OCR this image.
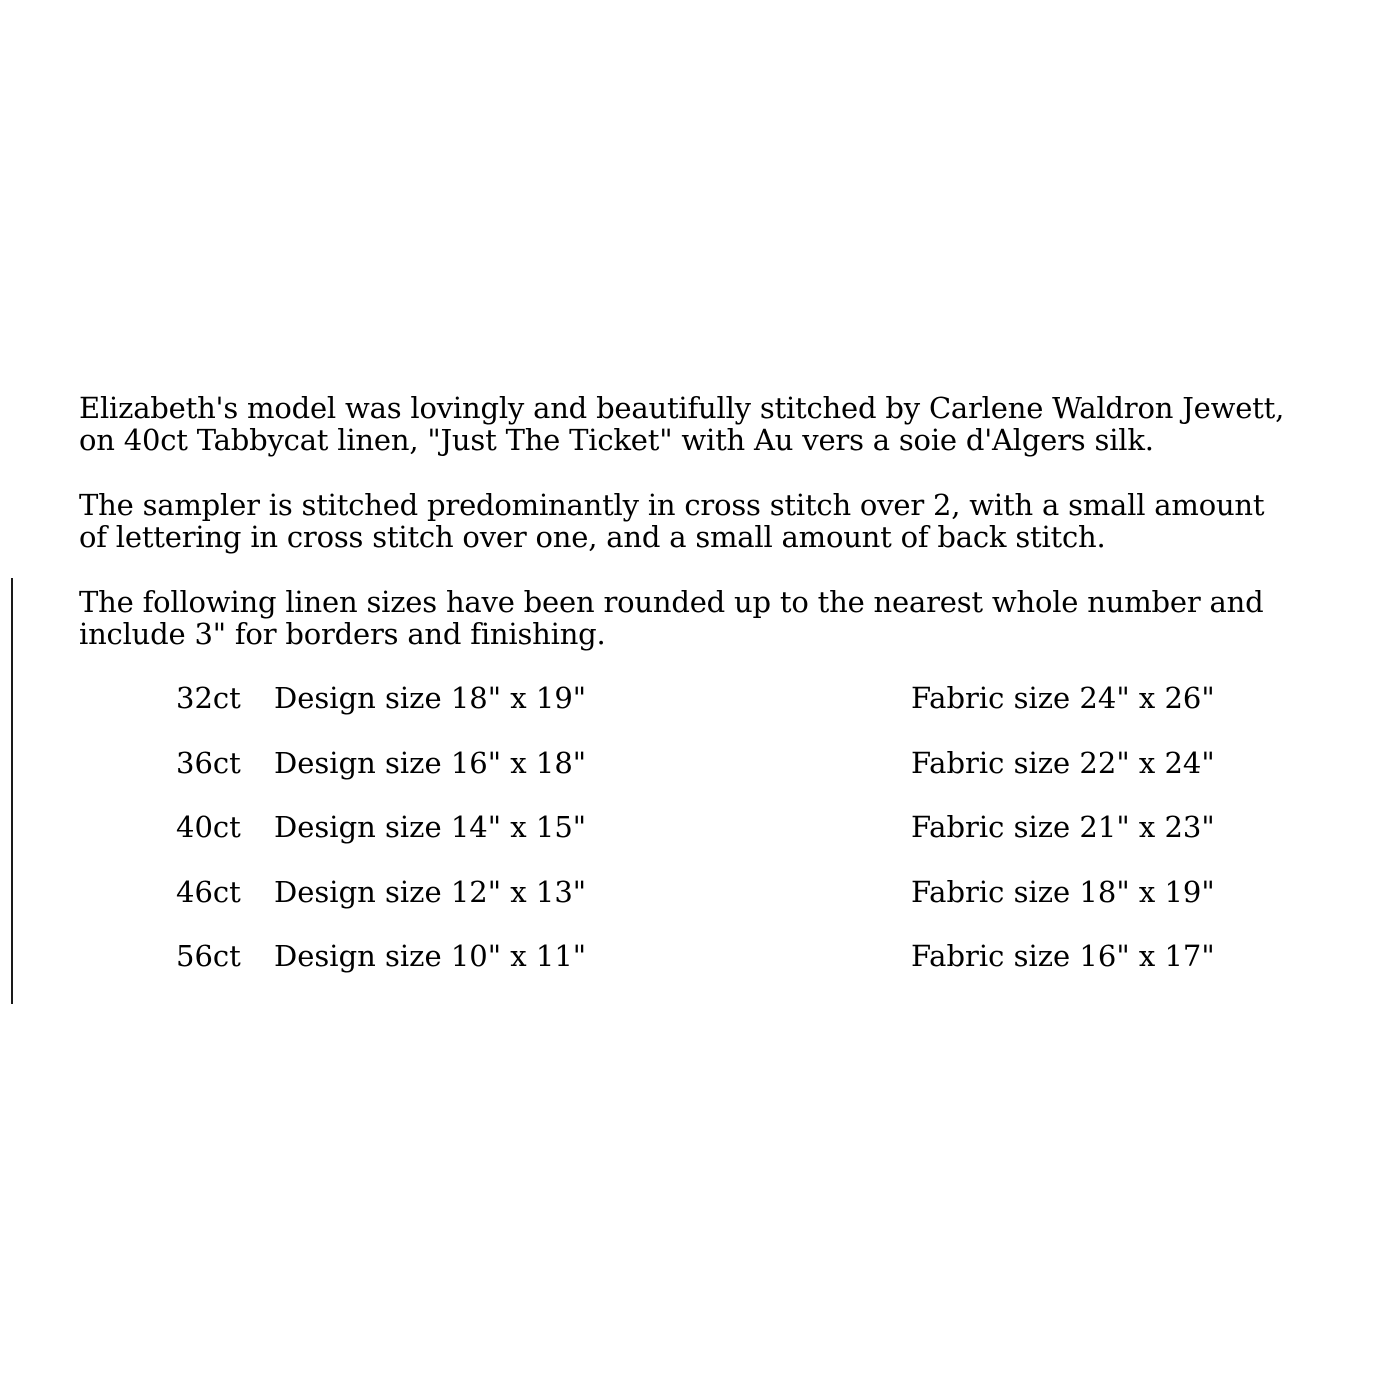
Elizabeth's model was lovingly and beautifully stitched by Carlene Waldron Jewett,
on 40ct Tabbycat linen, "Just The Ticket" with Au vers a soie d'Algers silk.

The sampler is stitched predominantly in cross stitch over 2, with a small amount
of lettering in cross stitch over one, and a small amount of back stitch.

The following linen sizes have been rounded up to the nearest whole number and
include 3" for borders and finishing.

32ct Design size 18" x 19"	Fabric size 24" x 26"
36ct Design size 16" x 18"	Fabric size 22" x 24"
40ct Design size 14" x 15"	Fabric size 21" x 23"
46ct Design size 12" x 13"	Fabric size 18" x 19"
56ct Design size 10" x 11"	Fabric size 16" x 17"
